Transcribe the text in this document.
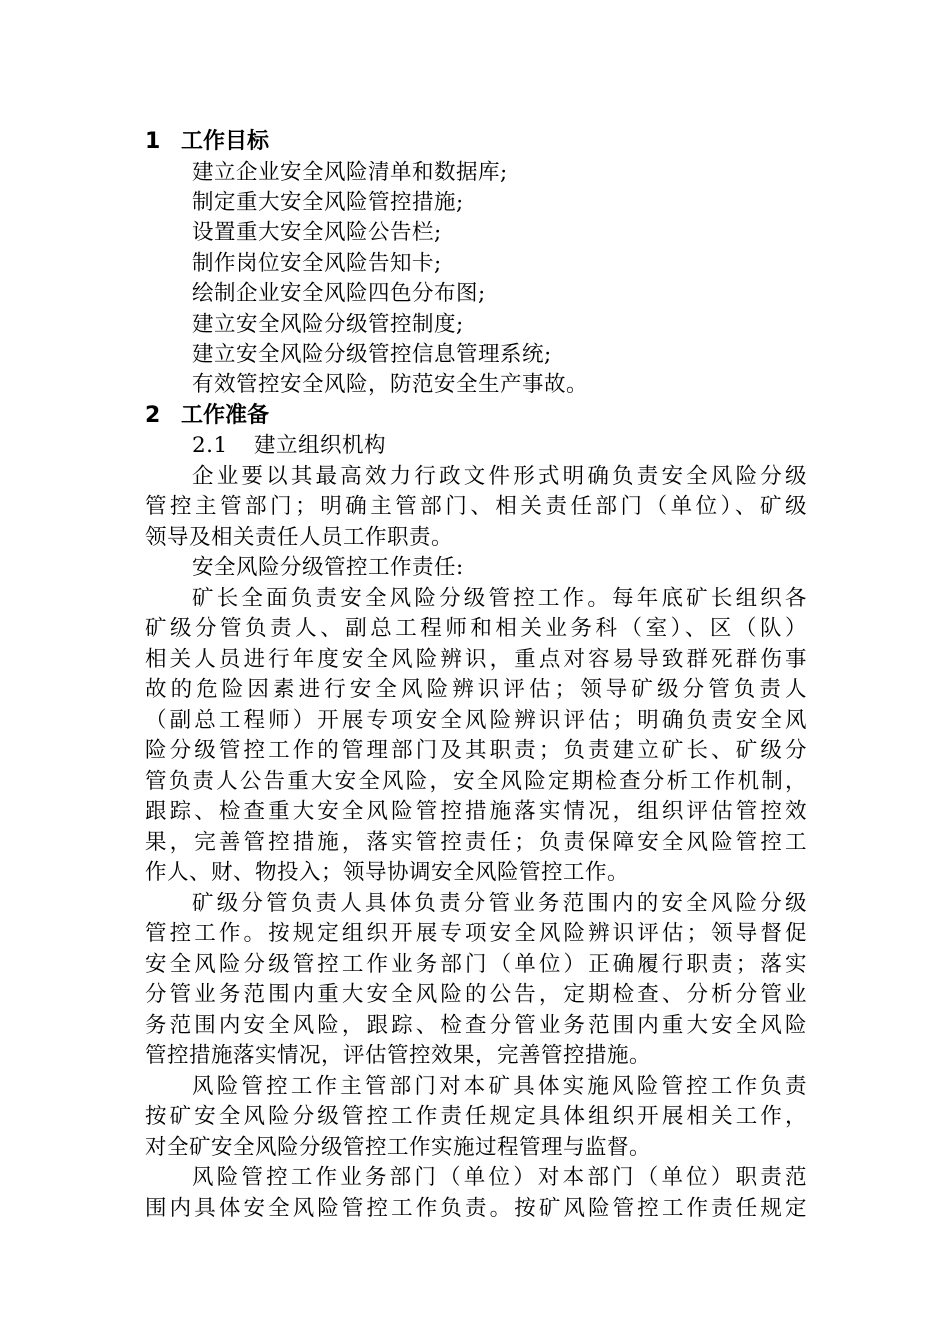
1 工作目标
建立企业安全风险清单和数据库;
制定重大安全风险管控措施;
设置重大安全风险公告栏;
制作岗位安全风险告知卡;
绘制企业安全风险四色分布图;
建立安全风险分级管控制度;
建立安全风险分级管控信息管理系统;
有效管控安全风险，防范安全生产事故。
2 工作准备
2.1 建立组织机构
企业要以其最高效力行政文件形式明确负责安全风险分级
管控主管部门；明确主管部门、相关责任部门（单位）、矿级
领导及相关责任人员工作职责。
安全风险分级管控工作责任:
矿长全面负责安全风险分级管控工作。每年底矿长组织各
矿级分管负责人、副总工程师和相关业务科（室）、区（队）
相关人员进行年度安全风险辨识，重点对容易导致群死群伤事
故的危险因素进行安全风险辨识评估；领导矿级分管负责人
（副总工程师）开展专项安全风险辨识评估；明确负责安全风
险分级管控工作的管理部门及其职责；负责建立矿长、矿级分
管负责人公告重大安全风险，安全风险定期检查分析工作机制，
跟踪、检查重大安全风险管控措施落实情况，组织评估管控效
果，完善管控措施，落实管控责任；负责保障安全风险管控工
作人、财、物投入；领导协调安全风险管控工作。
矿级分管负责人具体负责分管业务范围内的安全风险分级
管控工作。按规定组织开展专项安全风险辨识评估；领导督促
安全风险分级管控工作业务部门（单位）正确履行职责；落实
分管业务范围内重大安全风险的公告，定期检查、分析分管业
务范围内安全风险，跟踪、检查分管业务范围内重大安全风险
管控措施落实情况，评估管控效果，完善管控措施。
风险管控工作主管部门对本矿具体实施风险管控工作负责
按矿安全风险分级管控工作责任规定具体组织开展相关工作，
对全矿安全风险分级管控工作实施过程管理与监督。
风险管控工作业务部门（单位）对本部门（单位）职责范
围内具体安全风险管控工作负责。按矿风险管控工作责任规定
